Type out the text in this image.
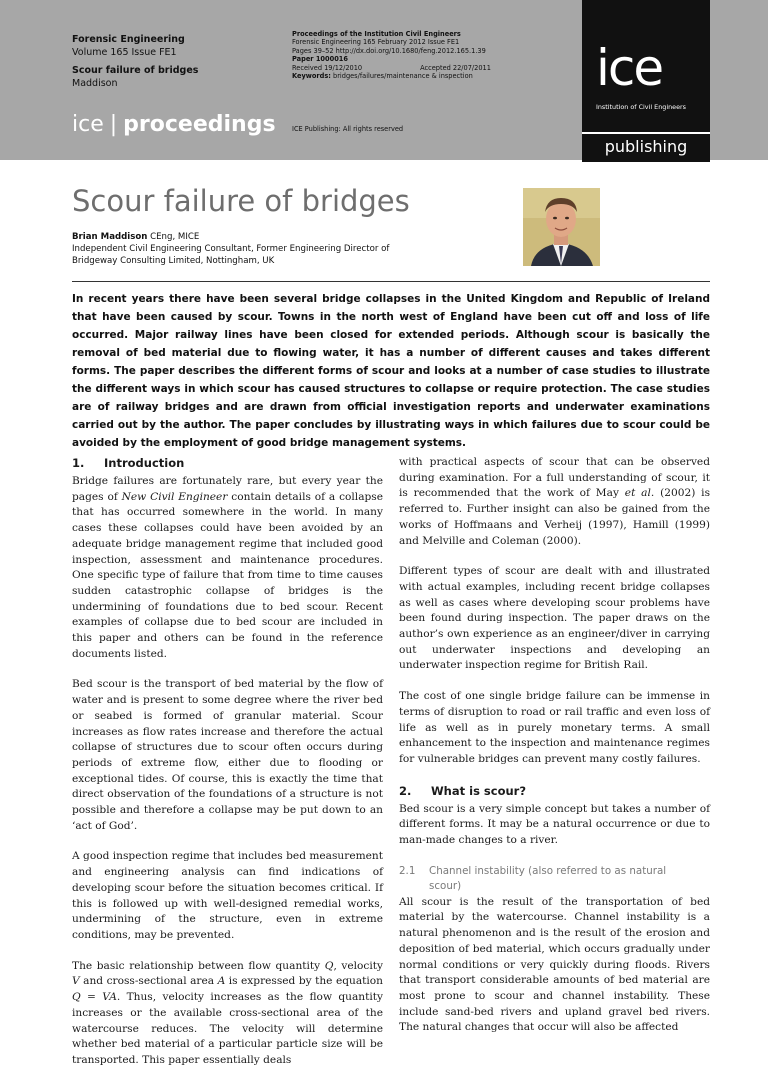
Forensic Engineering
Volume 165 Issue FE1
Scour failure of bridges
Maddison
Proceedings of the Institution Civil Engineers
Forensic Engineering 165 February 2012 Issue FE1
Pages 39–52 http://dx.doi.org/10.1680/feng.2012.165.1.39
Paper 1000016
Received 19/12/2010	Accepted 22/07/2011
Keywords: bridges/failures/maintenance & inspection
ICE Publishing: All rights reserved
ice | proceedings
ice
Institution of Civil Engineers
publishing
Scour failure of bridges
Brian Maddison CEng, MICE
Independent Civil Engineering Consultant, Former Engineering Director of Bridgeway Consulting Limited, Nottingham, UK

In recent years there have been several bridge collapses in the United Kingdom and Republic of Ireland that have been caused by scour. Towns in the north west of England have been cut off and loss of life occurred. Major railway lines have been closed for extended periods. Although scour is basically the removal of bed material due to flowing water, it has a number of different causes and takes different forms. The paper describes the different forms of scour and looks at a number of case studies to illustrate the different ways in which scour has caused structures to collapse or require protection. The case studies are of railway bridges and are drawn from official investigation reports and underwater examinations carried out by the author. The paper concludes by illustrating ways in which failures due to scour could be avoided by the employment of good bridge management systems.

1. Introduction

Bridge failures are fortunately rare, but every year the pages of New Civil Engineer contain details of a collapse that has occurred somewhere in the world. In many cases these collapses could have been avoided by an adequate bridge management regime that included good inspection, assessment and maintenance procedures. One specific type of failure that from time to time causes sudden catastrophic collapse of bridges is the undermining of foundations due to bed scour. Recent examples of collapse due to bed scour are included in this paper and others can be found in the reference documents listed.

Bed scour is the transport of bed material by the flow of water and is present to some degree where the river bed or seabed is formed of granular material. Scour increases as flow rates increase and therefore the actual collapse of structures due to scour often occurs during periods of extreme flow, either due to flooding or exceptional tides. Of course, this is exactly the time that direct observation of the foundations of a structure is not possible and therefore a collapse may be put down to an ‘act of God’.

A good inspection regime that includes bed measurement and engineering analysis can find indications of developing scour before the situation becomes critical. If this is followed up with well-designed remedial works, undermining of the structure, even in extreme conditions, may be prevented.

The basic relationship between flow quantity Q, velocity V and cross-sectional area A is expressed by the equation Q = VA. Thus, velocity increases as the flow quantity increases or the available cross-sectional area of the watercourse reduces. The velocity will determine whether bed material of a particular particle size will be transported. This paper essentially deals

with practical aspects of scour that can be observed during examination. For a full understanding of scour, it is recommended that the work of May et al. (2002) is referred to. Further insight can also be gained from the works of Hoffmaans and Verheij (1997), Hamill (1999) and Melville and Coleman (2000).

Different types of scour are dealt with and illustrated with actual examples, including recent bridge collapses as well as cases where developing scour problems have been found during inspection. The paper draws on the author’s own experience as an engineer/diver in carrying out underwater inspections and developing an underwater inspection regime for British Rail.

The cost of one single bridge failure can be immense in terms of disruption to road or rail traffic and even loss of life as well as in purely monetary terms. A small enhancement to the inspection and maintenance regimes for vulnerable bridges can prevent many costly failures.

2. What is scour?

Bed scour is a very simple concept but takes a number of different forms. It may be a natural occurrence or due to man-made changes to a river.

2.1 Channel instability (also referred to as natural
scour)

All scour is the result of the transportation of bed material by the watercourse. Channel instability is a natural phenomenon and is the result of the erosion and deposition of bed material, which occurs gradually under normal conditions or very quickly during floods. Rivers that transport considerable amounts of bed material are most prone to scour and channel instability. These include sand-bed rivers and upland gravel bed rivers. The natural changes that occur will also be affected
